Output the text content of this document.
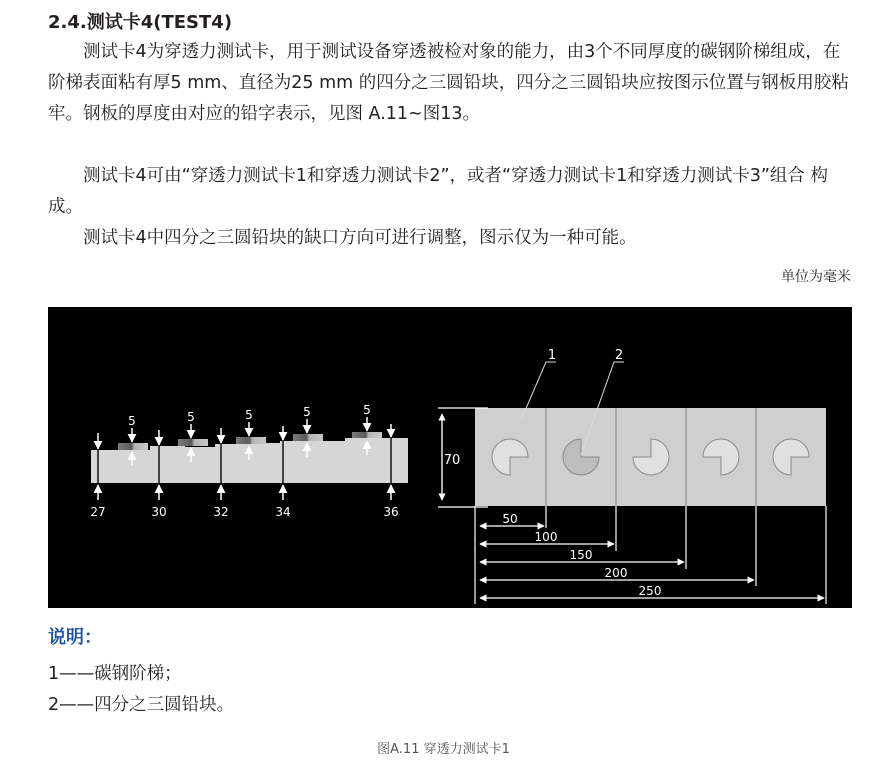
2.4.测试卡4(TEST4)

测试卡4为穿透力测试卡，用于测试设备穿透被检对象的能力，由3个不同厚度的碳钢阶梯组成，在阶梯表面粘有厚5 mm、直径为25 mm 的四分之三圆铅块，四分之三圆铅块应按图示位置与钢板用胶粘牢。钢板的厚度由对应的铅字表示，见图 A.11~图13。

测试卡4可由“穿透力测试卡1和穿透力测试卡2”，或者“穿透力测试卡1和穿透力测试卡3”组合 构成。

测试卡4中四分之三圆铅块的缺口方向可进行调整，图示仅为一种可能。

单位为毫米
5	5	5	5	5
27	30	32	34	36
1	2
70
50
100
150
200
250
说明：
1——碳钢阶梯；
2——四分之三圆铅块。
图A.11 穿透力测试卡1
